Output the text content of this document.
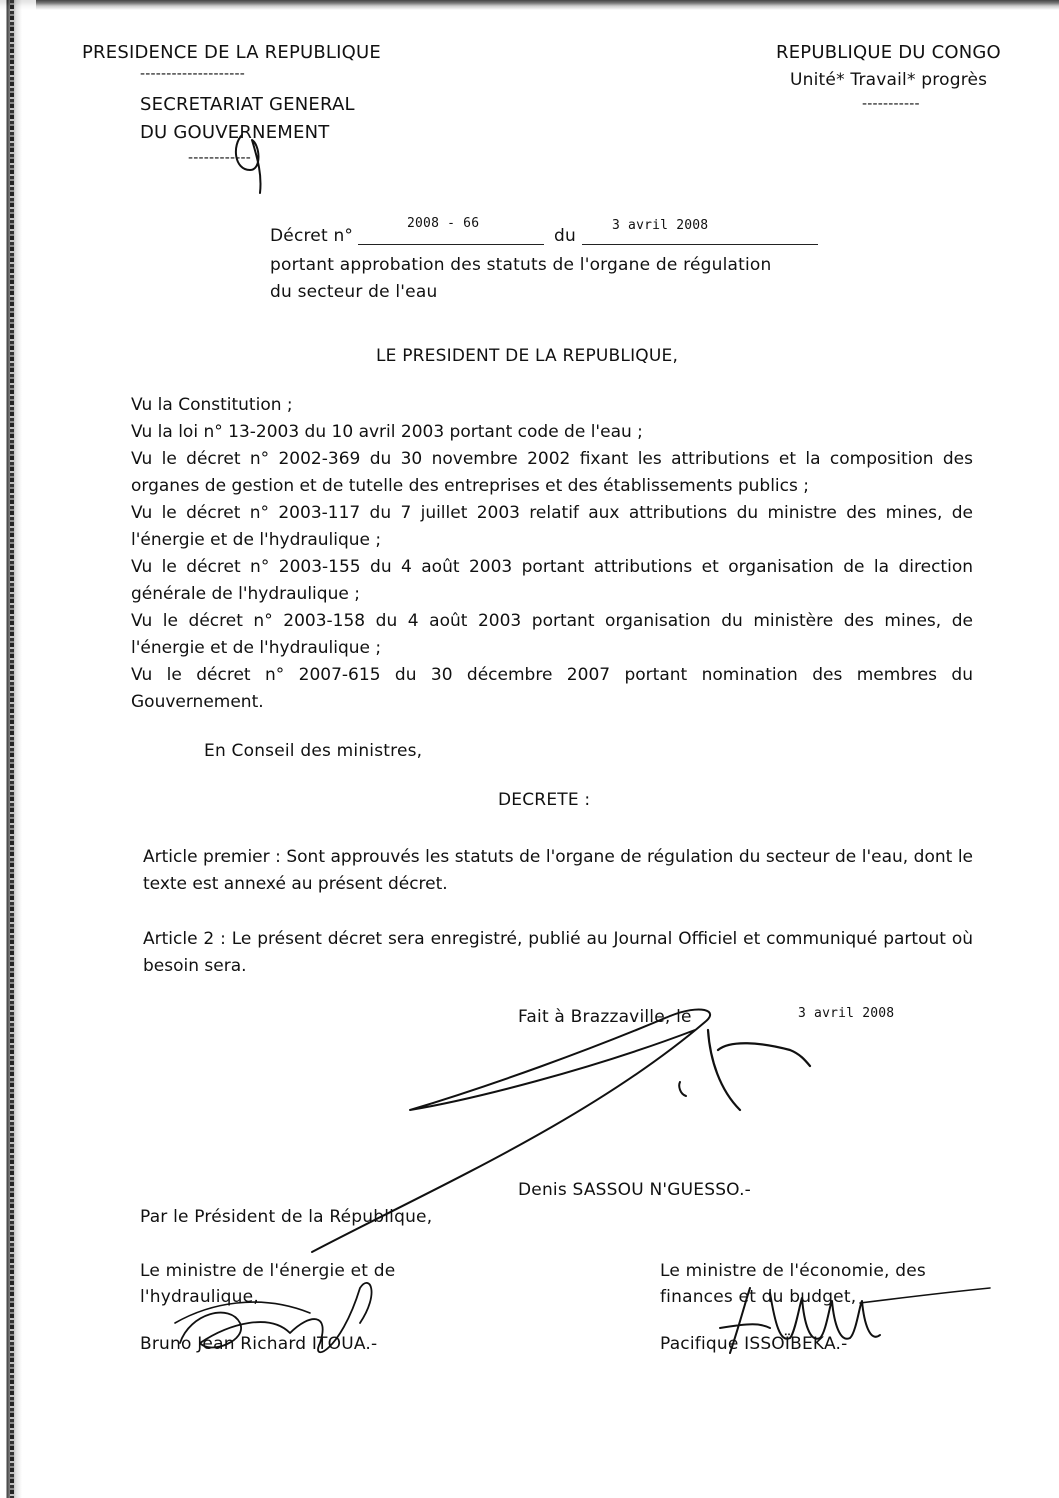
PRESIDENCE DE LA REPUBLIQUE
--------------------
SECRETARIAT GENERAL
DU GOUVERNEMENT
------------
REPUBLIQUE DU CONGO
Unité* Travail* progrès
-----------
Décret n°
2008 - 66
du
3 avril 2008
portant approbation des statuts de l'organe de régulation
du secteur de l'eau
LE PRESIDENT DE LA REPUBLIQUE,
Vu la Constitution ;
Vu la loi n° 13-2003 du 10 avril 2003 portant code de l'eau ;
Vu le décret n° 2002-369 du 30 novembre 2002 fixant les attributions et la composition des organes de gestion et de tutelle des entreprises et des établissements publics ;
Vu le décret n° 2003-117 du 7 juillet 2003 relatif aux attributions du ministre des mines, de l'énergie et de l'hydraulique ;
Vu le décret n° 2003-155 du 4 août 2003 portant attributions et organisation de la direction générale de l'hydraulique ;
Vu le décret n° 2003-158 du 4 août 2003 portant organisation du ministère des mines, de l'énergie et de l'hydraulique ;
Vu le décret n° 2007-615 du 30 décembre 2007 portant nomination des membres du Gouvernement.
En Conseil des ministres,
DECRETE :
Article premier : Sont approuvés les statuts de l'organe de régulation du secteur de l'eau, dont le texte est annexé au présent décret.
Article 2 : Le présent décret sera enregistré, publié au Journal Officiel et communiqué partout où besoin sera.
Fait à Brazzaville, le	3 avril 2008
Denis SASSOU N'GUESSO.-
Par le Président de la République,
Le ministre de l'énergie et de
l'hydraulique,
Bruno Jean Richard ITOUA.-
Le ministre de l'économie, des
finances et du budget,
Pacifique ISSOÏBEKA.-
